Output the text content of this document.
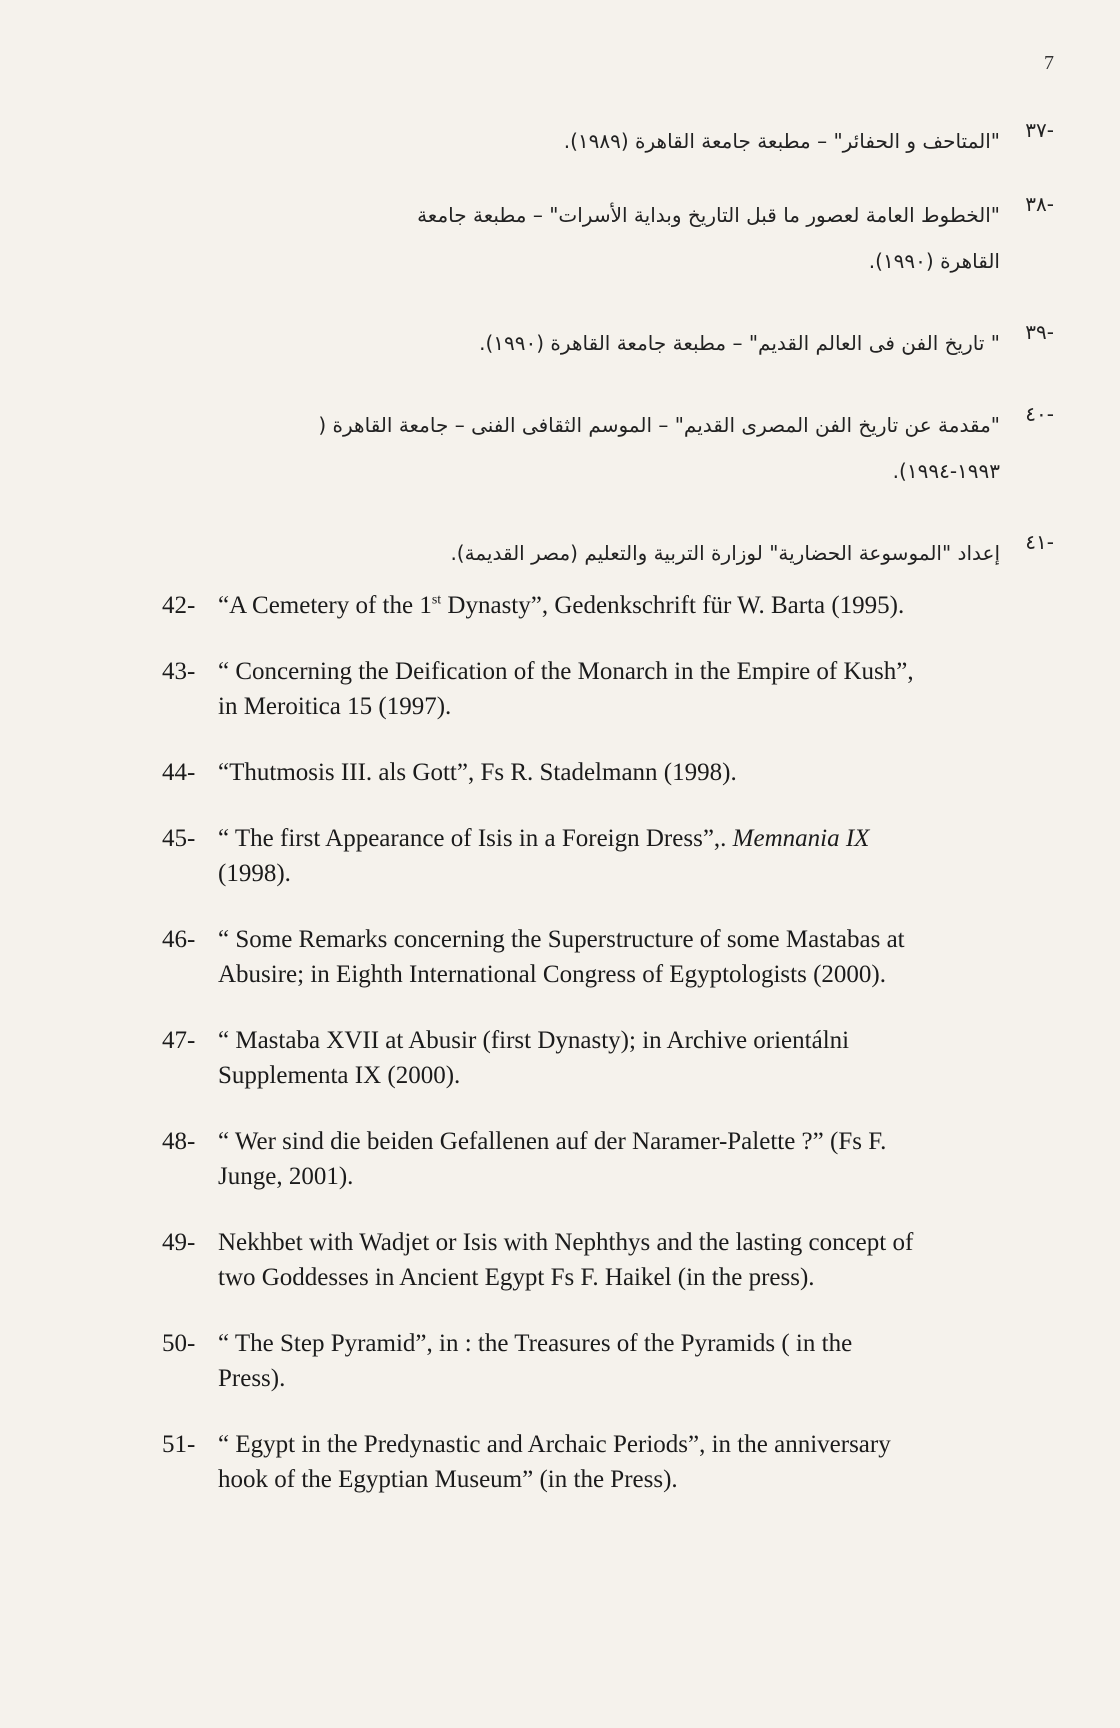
7
-٣٧
"المتاحف و الحفائر" – مطبعة جامعة القاهرة (١٩٨٩).
-٣٨
"الخطوط العامة لعصور ما قبل التاريخ وبداية الأسرات" – مطبعة جامعة
القاهرة (١٩٩٠).
-٣٩
" تاريخ الفن فى العالم القديم" – مطبعة جامعة القاهرة (١٩٩٠).
-٤٠
"مقدمة عن تاريخ الفن المصرى القديم" – الموسم الثقافى الفنى – جامعة القاهرة (
١٩٩٣-١٩٩٤).
-٤١
إعداد "الموسوعة الحضارية" لوزارة التربية والتعليم (مصر القديمة).
42- “A Cemetery of the 1st Dynasty”, Gedenkschrift für W. Barta (1995).
43- “ Concerning the Deification of the Monarch in the Empire of Kush”,
in Meroitica 15 (1997).
44- “Thutmosis III. als Gott”, Fs R. Stadelmann (1998).
45- “ The first Appearance of Isis in a Foreign Dress”,. Memnania IX
(1998).
46- “ Some Remarks concerning the Superstructure of some Mastabas at
Abusire; in Eighth International Congress of Egyptologists (2000).
47- “ Mastaba XVII at Abusir (first Dynasty); in Archive orientálni
Supplementa IX (2000).
48- “ Wer sind die beiden Gefallenen auf der Naramer-Palette ?” (Fs F.
Junge, 2001).
49- Nekhbet with Wadjet or Isis with Nephthys and the lasting concept of
two Goddesses in Ancient Egypt Fs F. Haikel (in the press).
50- “ The Step Pyramid”, in : the Treasures of the Pyramids ( in the
Press).
51- “ Egypt in the Predynastic and Archaic Periods”, in the anniversary
hook of the Egyptian Museum” (in the Press).
